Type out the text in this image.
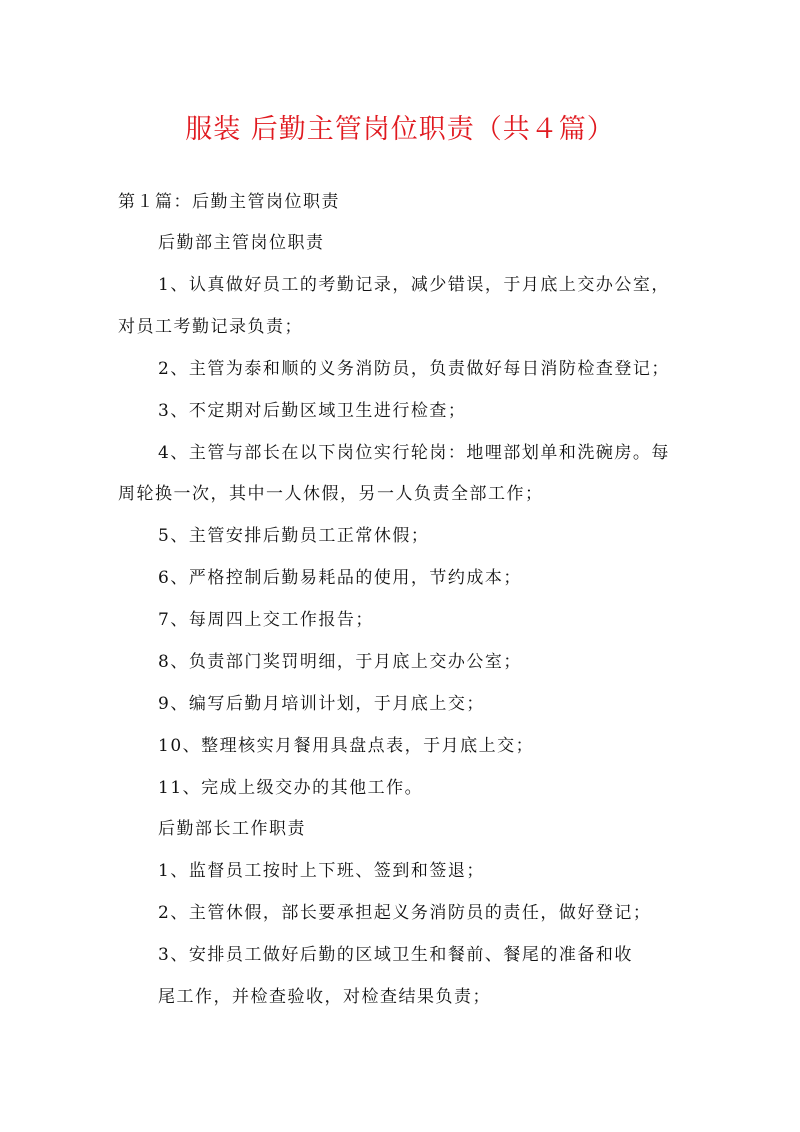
服装 后勤主管岗位职责（共４篇）
第１篇：后勤主管岗位职责
后勤部主管岗位职责
1、认真做好员工的考勤记录，减少错误，于月底上交办公室，
对员工考勤记录负责；
2、主管为泰和顺的义务消防员，负责做好每日消防检查登记；
3、不定期对后勤区域卫生进行检查；
4、主管与部长在以下岗位实行轮岗：地哩部划单和洗碗房。每
周轮换一次，其中一人休假，另一人负责全部工作；
5、主管安排后勤员工正常休假；
6、严格控制后勤易耗品的使用，节约成本；
7、每周四上交工作报告；
8、负责部门奖罚明细，于月底上交办公室；
9、编写后勤月培训计划，于月底上交；
10、整理核实月餐用具盘点表，于月底上交；
11、完成上级交办的其他工作。
后勤部长工作职责
1、监督员工按时上下班、签到和签退；
2、主管休假，部长要承担起义务消防员的责任，做好登记；
3、安排员工做好后勤的区域卫生和餐前、餐尾的准备和收
尾工作，并检查验收，对检查结果负责；
